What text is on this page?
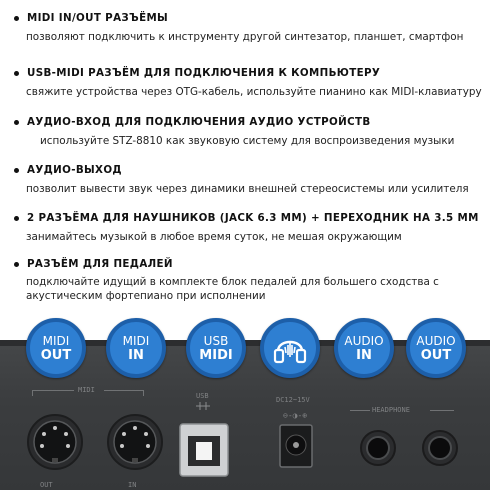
MIDI IN/OUT РАЗЪЁМЫ
позволяют подключить к инструменту другой синтезатор, планшет, смартфон
USB-MIDI РАЗЪЁМ ДЛЯ ПОДКЛЮЧЕНИЯ К КОМПЬЮТЕРУ
свяжите устройства через OTG-кабель, используйте пианино как MIDI-клавиатуру
АУДИО-ВХОД ДЛЯ ПОДКЛЮЧЕНИЯ АУДИО УСТРОЙСТВ
используйте STZ-8810 как звуковую систему для воспроизведения музыки
АУДИО-ВЫХОД
позволит вывести звук через динамики внешней стереосистемы или усилителя
2 РАЗЪЁМА ДЛЯ НАУШНИКОВ (JACK 6.3 ММ) + ПЕРЕХОДНИК НА 3.5 ММ
занимайтесь музыкой в любое время суток, не мешая окружающим
РАЗЪЁМ ДЛЯ ПЕДАЛЕЙ
подключайте идущий в комплекте блок педалей для большего сходства с
акустическим фортепиано при исполнении
MIDI
USB	DC12~15V
HEADPHONE
OUT	IN
⊖-◑-⊕
MIDI
OUT
MIDI
IN
USB
MIDI
AUDIO
IN
AUDIO
OUT
